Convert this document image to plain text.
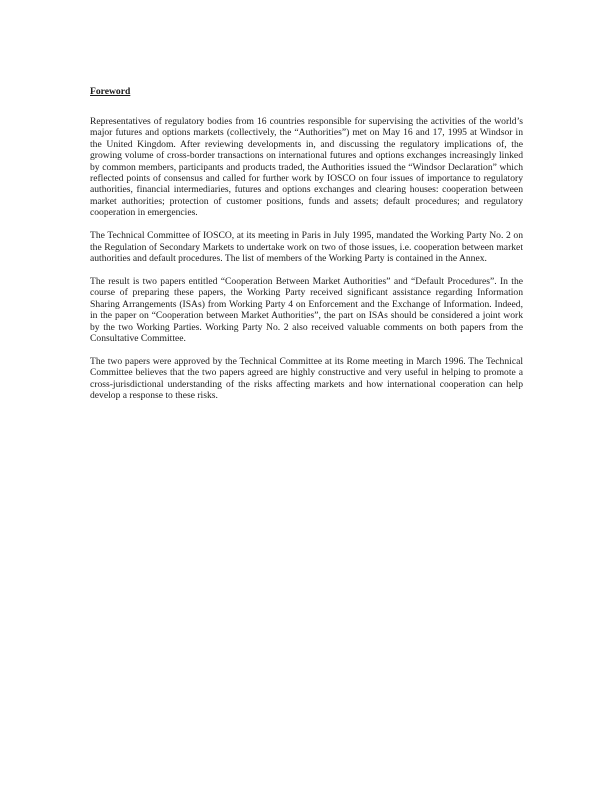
Foreword

Representatives of regulatory bodies from 16 countries responsible for supervising the activities of the world’s major futures and options markets (collectively, the “Authorities”) met on May 16 and 17, 1995 at Windsor in the United Kingdom. After reviewing developments in, and discussing the regulatory implications of, the growing volume of cross-border transactions on international futures and options exchanges increasingly linked by common members, participants and products traded, the Authorities issued the “Windsor Declaration” which reflected points of consensus and called for further work by IOSCO on four issues of importance to regulatory authorities, financial intermediaries, futures and options exchanges and clearing houses: cooperation between market authorities; protection of customer positions, funds and assets; default procedures; and regulatory cooperation in emergencies.

The Technical Committee of IOSCO, at its meeting in Paris in July 1995, mandated the Working Party No. 2 on the Regulation of Secondary Markets to undertake work on two of those issues, i.e. cooperation between market authorities and default procedures. The list of members of the Working Party is contained in the Annex.

The result is two papers entitled “Cooperation Between Market Authorities” and “Default Procedures”. In the course of preparing these papers, the Working Party received significant assistance regarding Information Sharing Arrangements (ISAs) from Working Party 4 on Enforcement and the Exchange of Information. Indeed, in the paper on “Cooperation between Market Authorities”, the part on ISAs should be considered a joint work by the two Working Parties. Working Party No. 2 also received valuable comments on both papers from the Consultative Committee.

The two papers were approved by the Technical Committee at its Rome meeting in March 1996. The Technical Committee believes that the two papers agreed are highly constructive and very useful in helping to promote a cross-jurisdictional understanding of the risks affecting markets and how international cooperation can help develop a response to these risks.
